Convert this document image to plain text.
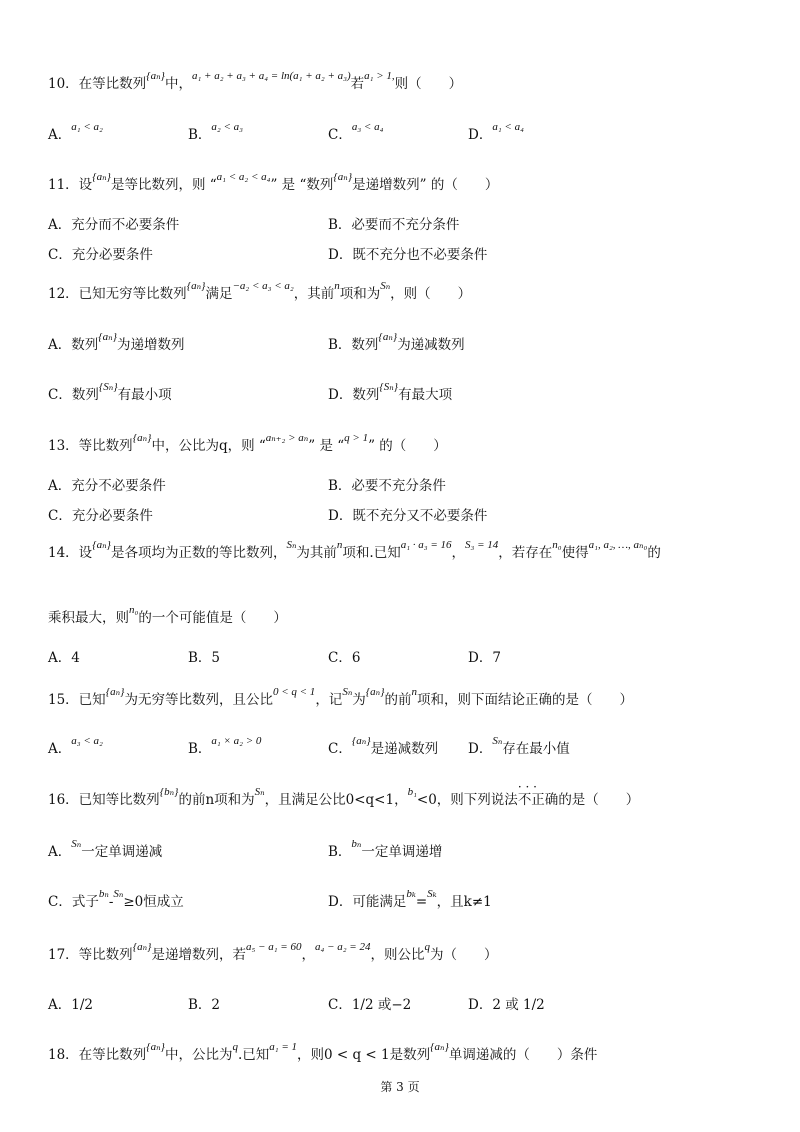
10．在等比数列$^{\{a_n\}}$中，$^{a_1 + a_2 + a_3 + a_4 = ln(a_1 + a_2 + a_3)}$若$^{a_1 > 1,}$则（　　）
A．$^{a_1 < a_2}$	B．$^{a_2 < a_3}$	C．$^{a_3 < a_4}$	D．$^{a_1 < a_4}$
11．设$^{\{a_n\}}$是等比数列，则 “$^{a_1 < a_2 < a_4}$” 是 “数列$^{\{a_n\}}$是递增数列” 的（　　）
A．充分而不必要条件	B．必要而不充分条件
C．充分必要条件	D．既不充分也不必要条件
12．已知无穷等比数列$^{\{a_n\}}$满足$^{-a_2 < a_3 < a_2}$，其前$^n$项和为$^{S_n}$，则（　　）
A．数列$^{\{a_n\}}$为递增数列	B．数列$^{\{a_n\}}$为递减数列
C．数列$^{\{S_n\}}$有最小项	D．数列$^{\{S_n\}}$有最大项
13．等比数列$^{\{a_n\}}$中，公比为q，则 “$^{a_{n+2} > a_n}$” 是 “$^{q > 1}$” 的（　　）
A．充分不必要条件	B．必要不充分条件
C．充分必要条件	D．既不充分又不必要条件
14．设$^{\{a_n\}}$是各项均为正数的等比数列，$^{S_n}$为其前$^n$项和.已知$^{a_1 \cdot a_3 = 16}$，$^{S_3 = 14}$，若存在$^{n_0}$使得$^{a_1, a_2, \dots, a_{n0}}$的
乘积最大，则$^{n_0}$的一个可能值是（　　）
A．4	B．5	C．6	D．7
15．已知$^{\{a_n\}}$为无穷等比数列，且公比$^{0 < q < 1}$，记$^{S_n}$为$^{\{a_n\}}$的前$^n$项和，则下面结论正确的是（　　）
A．$^{a_3 < a_2}$	B．$^{a_1 \times a_2 > 0}$	C．$^{\{a_n\}}$是递减数列 D．$^{S_n}$存在最小值
16．已知等比数列$^{\{b_n\}}$的前n项和为$^{S_n}$，且满足公比0<q<1，$^{b_1}$<0，则下列说法· · · 不正确的是（　　）
A．$^{S_n}$一定单调递减	B．$^{b_n}$一定单调递增
C．式子$^{b_n}$-$^{S_n}$≥0恒成立	D．可能满足$^{b_k}$=$^{S_k}$，且k≠1
17．等比数列$^{\{a_n\}}$是递增数列，若$^{a_5 - a_1 = 60}$，$^{a_4 - a_2 = 24}$，则公比$^q$为（　　）
A．1/2	B．2	C．1/2 或−2	D．2 或 1/2
18．在等比数列$^{\{a_n\}}$中，公比为$^q$.已知$^{a_1 = 1}$，则0 < q < 1是数列$^{\{a_n\}}$单调递减的（　　）条件
第 3 页
